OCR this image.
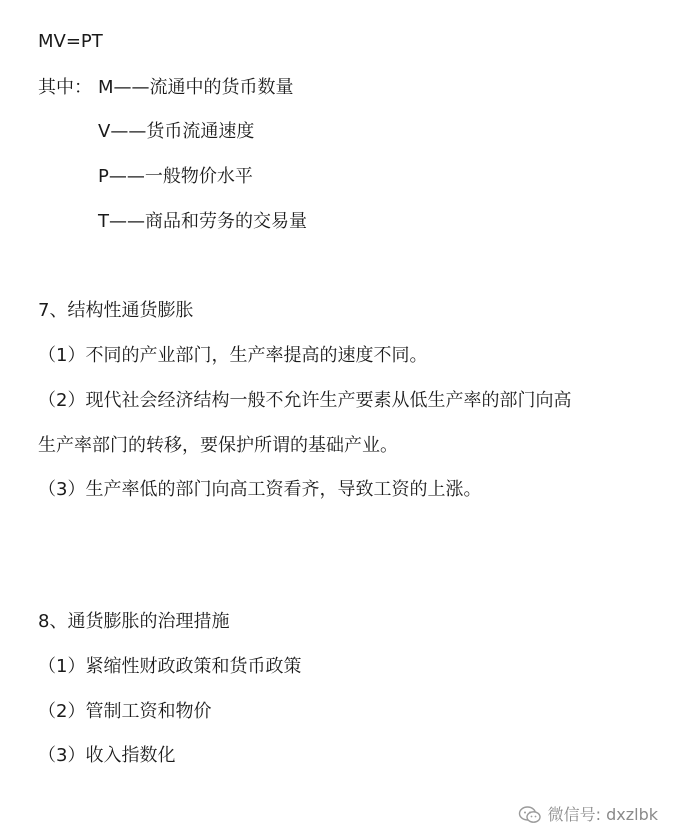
MV=PT
其中： M——流通中的货币数量
V——货币流通速度
P——一般物价水平
T——商品和劳务的交易量
7、结构性通货膨胀
（1）不同的产业部门，生产率提高的速度不同。
（2）现代社会经济结构一般不允许生产要素从低生产率的部门向高
生产率部门的转移，要保护所谓的基础产业。
（3）生产率低的部门向高工资看齐，导致工资的上涨。
8、通货膨胀的治理措施
（1）紧缩性财政政策和货币政策
（2）管制工资和物价
（3）收入指数化
微信号: dxzlbk
